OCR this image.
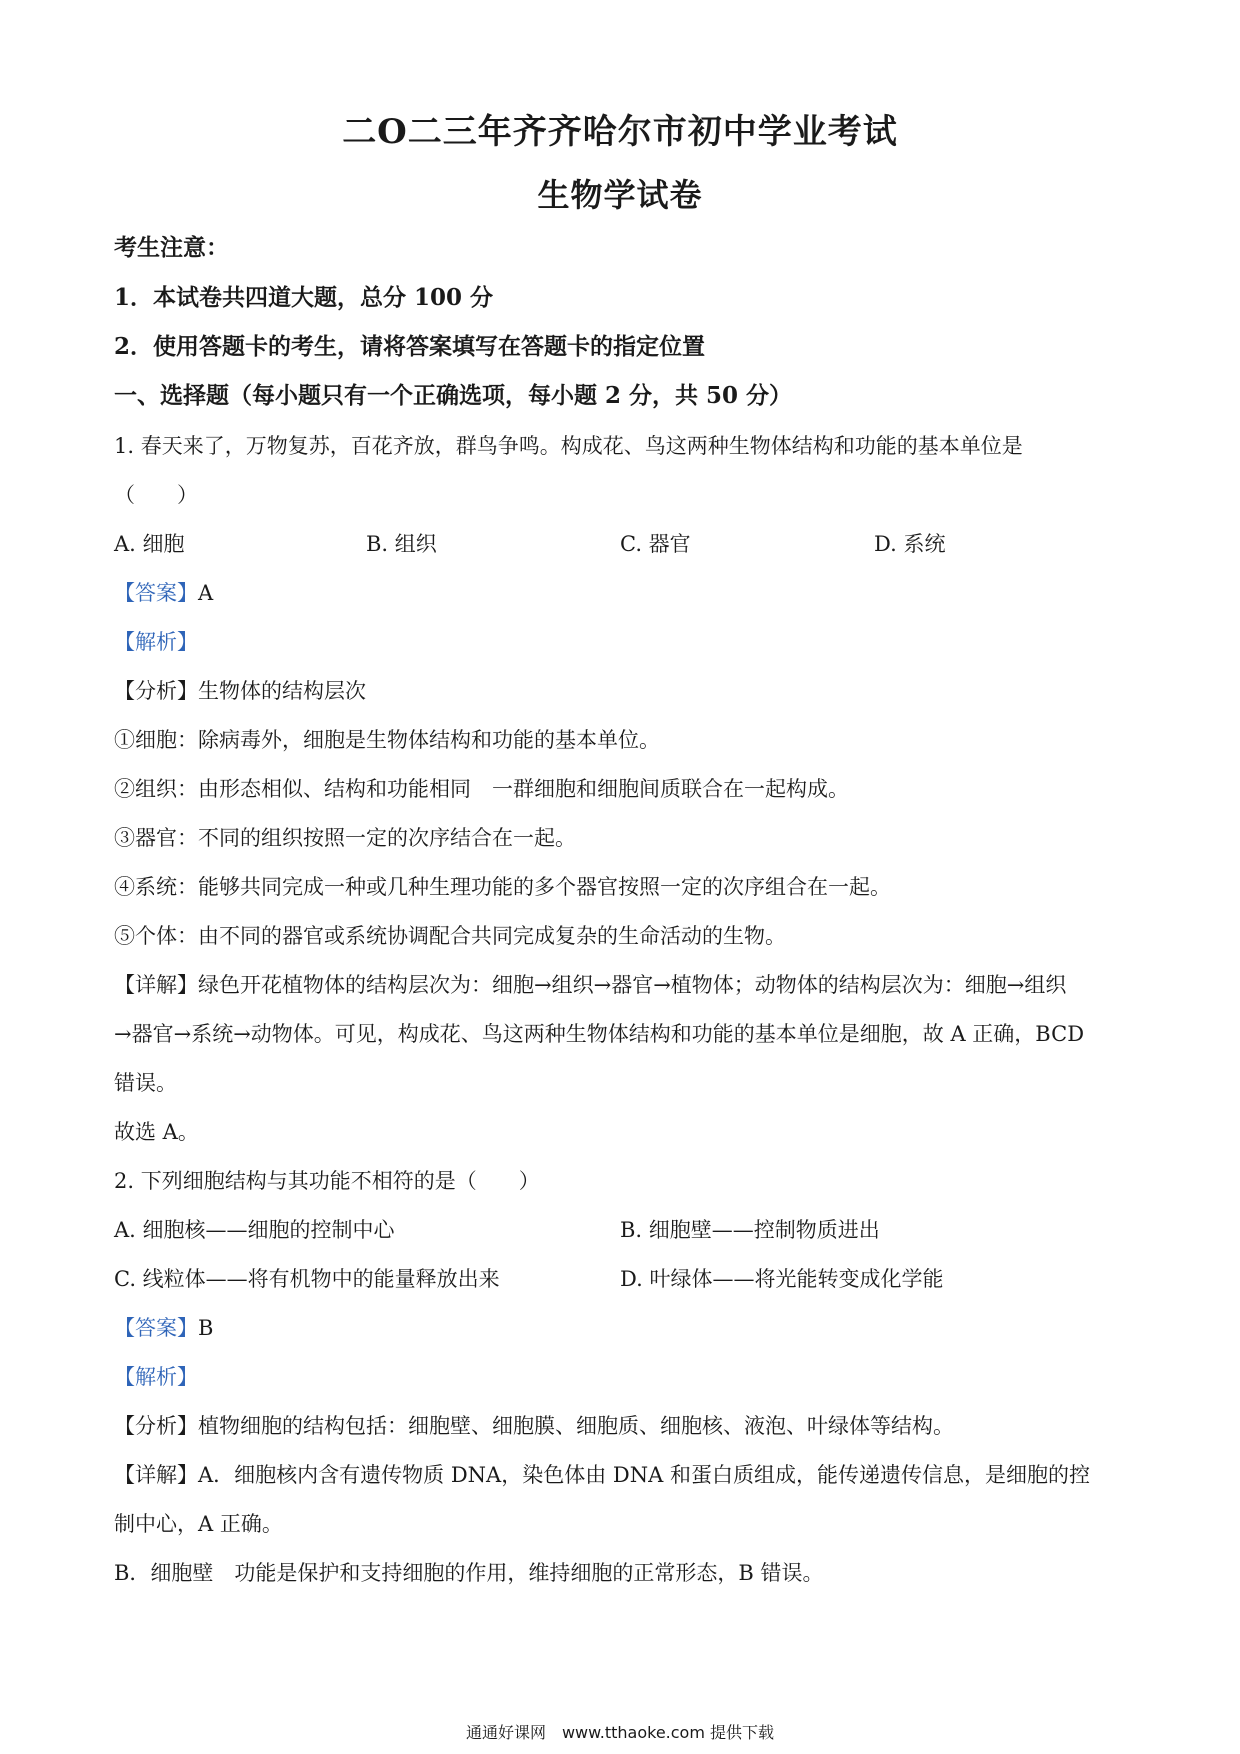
二O二三年齐齐哈尔市初中学业考试
生物学试卷
考生注意：
1．本试卷共四道大题，总分 100 分
2．使用答题卡的考生，请将答案填写在答题卡的指定位置
一、选择题（每小题只有一个正确选项，每小题 2 分，共 50 分）
1. 春天来了，万物复苏，百花齐放，群鸟争鸣。构成花、鸟这两种生物体结构和功能的基本单位是
（　　）
A. 细胞	B. 组织	C. 器官	D. 系统
【答案】A
【解析】
【分析】生物体的结构层次
①细胞：除病毒外，细胞是生物体结构和功能的基本单位。
②组织：由形态相似、结构和功能相同　一群细胞和细胞间质联合在一起构成。
③器官：不同的组织按照一定的次序结合在一起。
④系统：能够共同完成一种或几种生理功能的多个器官按照一定的次序组合在一起。
⑤个体：由不同的器官或系统协调配合共同完成复杂的生命活动的生物。
【详解】绿色开花植物体的结构层次为：细胞→组织→器官→植物体；动物体的结构层次为：细胞→组织
→器官→系统→动物体。可见，构成花、鸟这两种生物体结构和功能的基本单位是细胞，故 A 正确，BCD
错误。
故选 A。
2. 下列细胞结构与其功能不相符的是（　　）
A. 细胞核——细胞的控制中心	B. 细胞壁——控制物质进出
C. 线粒体——将有机物中的能量释放出来	D. 叶绿体——将光能转变成化学能
【答案】B
【解析】
【分析】植物细胞的结构包括：细胞壁、细胞膜、细胞质、细胞核、液泡、叶绿体等结构。
【详解】A．细胞核内含有遗传物质 DNA，染色体由 DNA 和蛋白质组成，能传递遗传信息，是细胞的控
制中心，A 正确。
B．细胞壁　功能是保护和支持细胞的作用，维持细胞的正常形态，B 错误。
通通好课网　www.tthaoke.com 提供下载
